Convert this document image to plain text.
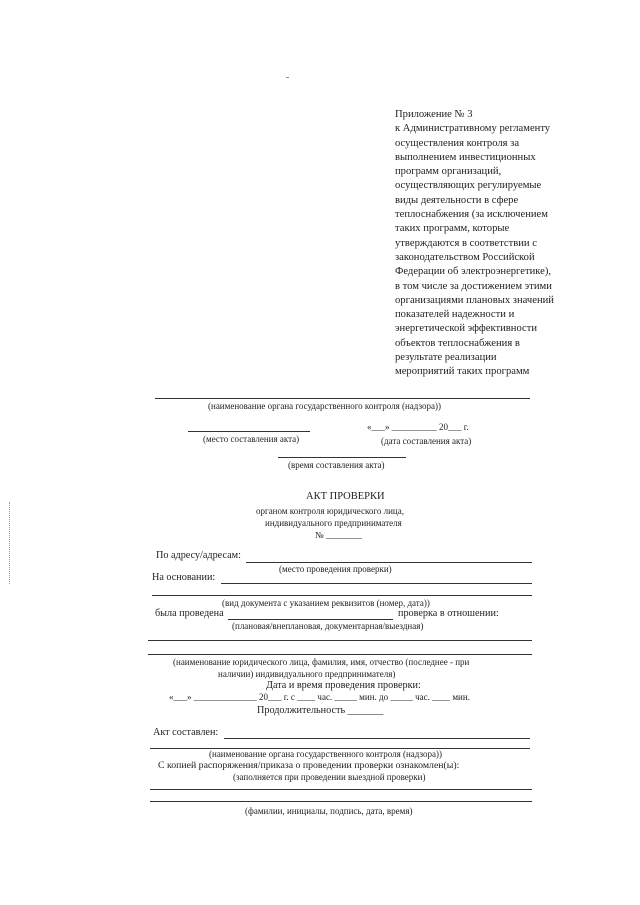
Приложение № 3
к Административному регламенту
осуществления контроля за
выполнением инвестиционных
программ организаций,
осуществляющих регулируемые
виды деятельности в сфере
теплоснабжения (за исключением
таких программ, которые
утверждаются в соответствии с
законодательством Российской
Федерации об электроэнергетике),
в том числе за достижением этими
организациями плановых значений
показателей надежности и
энергетической эффективности
объектов теплоснабжения в
результате реализации
мероприятий таких программ
(наименование органа государственного контроля (надзора))
(место составления акта)
«___» __________ 20___ г.
(дата составления акта)
(время составления акта)
АКТ ПРОВЕРКИ
органом контроля юридического лица,
индивидуального предпринимателя
№ ________
По адресу/адресам:
(место проведения проверки)
На основании:
(вид документа с указанием реквизитов (номер, дата))
была проведена	проверка в отношении:
(плановая/внеплановая, документарная/выездная)
(наименование юридического лица, фамилия, имя, отчество (последнее - при
наличии) индивидуального предпринимателя)
Дата и время проведения проверки:
«___» ______________ 20___ г. с ____ час. _____ мин. до _____ час. ____ мин.
Продолжительность _______
Акт составлен:
(наименование органа государственного контроля (надзора))
С копией распоряжения/приказа о проведении проверки ознакомлен(ы):
(заполняется при проведении выездной проверки)
(фамилии, инициалы, подпись, дата, время)
